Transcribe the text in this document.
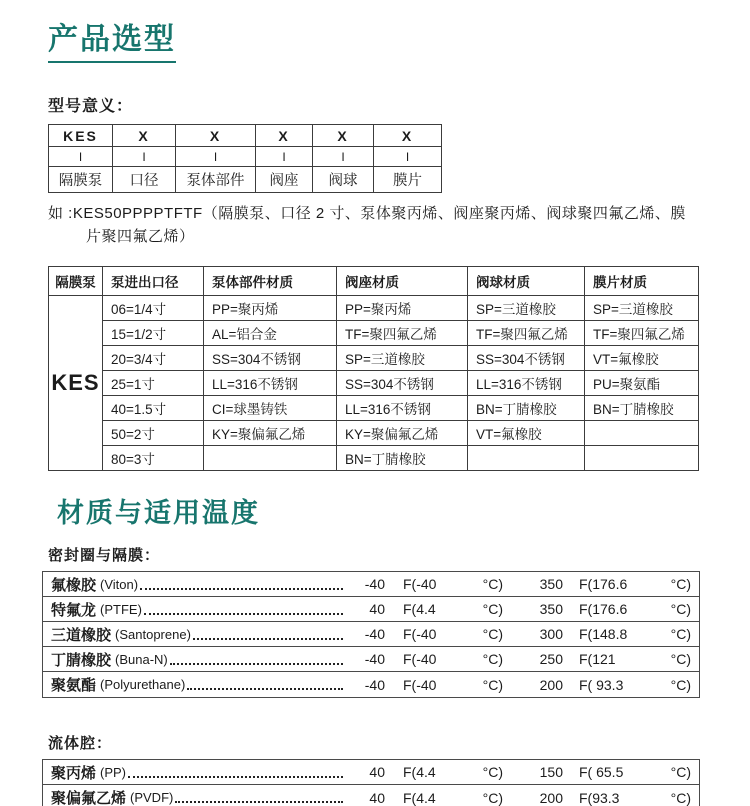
产品选型
型号意义：
KES	X	X	X	X	X
I	I	I	I	I	I
隔膜泵	口径	泵体部件	阀座	阀球	膜片
如 :KES50PPPPTFTF（隔膜泵、口径 2 寸、泵体聚丙烯、阀座聚丙烯、阀球聚四氟乙烯、膜
片聚四氟乙烯）
隔膜泵	泵进出口径	泵体部件材质	阀座材质	阀球材质	膜片材质
KES	06=1/4寸	PP=聚丙烯	PP=聚丙烯	SP=三道橡胶	SP=三道橡胶
	15=1/2寸	AL=铝合金	TF=聚四氟乙烯	TF=聚四氟乙烯	TF=聚四氟乙烯
	20=3/4寸	SS=304不锈钢	SP=三道橡胶	SS=304不锈钢	VT=氟橡胶
	25=1寸	LL=316不锈钢	SS=304不锈钢	LL=316不锈钢	PU=聚氨酯
	40=1.5寸	CI=球墨铸铁	LL=316不锈钢	BN=丁腈橡胶	BN=丁腈橡胶
	50=2寸	KY=聚偏氟乙烯	KY=聚偏氟乙烯	VT=氟橡胶	
	80=3寸		BN=丁腈橡胶		
材质与适用温度
密封圈与隔膜：
氟橡胶 (Viton)	-40 F(-40	°C)	350 F(176.6	°C)
特氟龙 (PTFE)	40 F(4.4	°C)	350 F(176.6	°C)
三道橡胶 (Santoprene)	-40 F(-40	°C)	300 F(148.8	°C)
丁腈橡胶 (Buna-N)	-40 F(-40	°C)	250 F(121	°C)
聚氨酯 (Polyurethane)	-40 F(-40	°C)	200 F( 93.3	°C)
流体腔：
聚丙烯 (PP)	40 F(4.4	°C)	150 F( 65.5	°C)
聚偏氟乙烯 (PVDF)	40 F(4.4	°C)	200 F(93.3	°C)
